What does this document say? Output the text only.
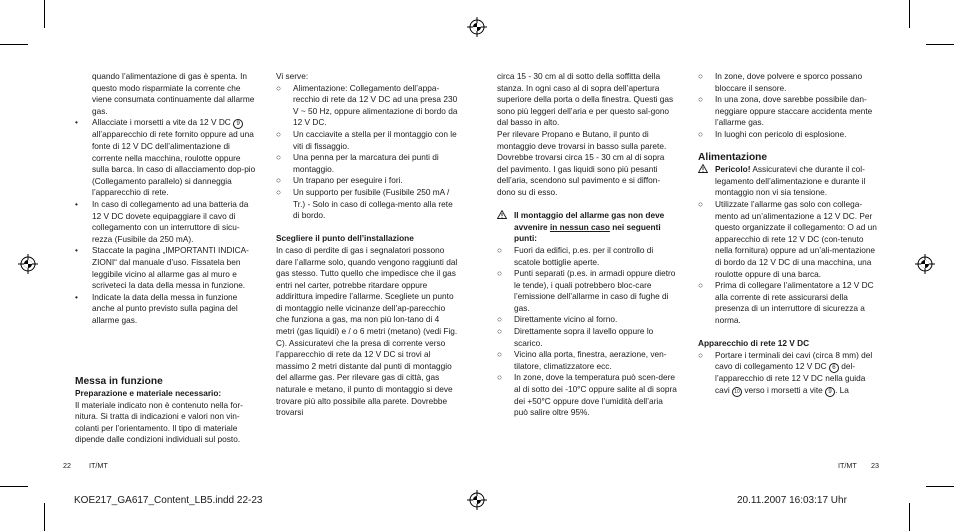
quando l’alimentazione di gas è spenta. In questo modo risparmiate la corrente che viene consumata continuamente dal allarme gas.

•	Allacciate i morsetti a vite da 12 V DC 9 all’apparecchio di rete fornito oppure ad una fonte di 12 V DC dell’alimentazione di corrente nella macchina, roulotte oppure sulla barca. In caso di allacciamento dop-pio (Collegamento parallelo) si danneggia l’apparecchio di rete.
•	In caso di collegamento ad una batteria da 12 V DC dovete equipaggiare il cavo di collegamento con un interruttore di sicu-rezza (Fusibile da 250 mA).
•	Staccate la pagina „IMPORTANTI INDICA-ZIONI“ dal manuale d’uso. Fissatela ben leggibile vicino al allarme gas al muro e scriveteci la data della messa in funzione.
•	Indicate la data della messa in funzione anche al punto previsto sulla pagina del allarme gas.

Messa in funzione

Preparazione e materiale necessario:

Il materiale indicato non è contenuto nella for-nitura. Si tratta di indicazioni e valori non vin-colanti per l’orientamento. Il tipo di materiale dipende dalle condizioni individuali sul posto.

Vi serve:

○	Alimentazione: Collegamento dell’appa-recchio di rete da 12 V DC ad una presa 230 V ~ 50 Hz, oppure alimentazione di bordo da 12 V DC.
○	Un cacciavite a stella per il montaggio con le viti di fissaggio.
○	Una penna per la marcatura dei punti di montaggio.
○	Un trapano per eseguire i fori.
○	Un supporto per fusibile (Fusibile 250 mA / Tr.) - Solo in caso di collega-mento alla rete di bordo.

Scegliere il punto dell’installazione

In caso di perdite di gas i segnalatori possono dare l’allarme solo, quando vengono raggiunti dal gas stesso. Tutto quello che impedisce che il gas entri nel carter, potrebbe ritardare oppure addirittura impedire l’allarme. Scegliete un punto di montaggio nelle vicinanze dell’ap-parecchio che funziona a gas, ma non più lon-tano di 4 metri (gas liquidi) e / o 6 metri (metano) (vedi Fig. C). Assicuratevi che la presa di corrente verso l’apparecchio di rete da 12 V DC si trovi al massimo 2 metri distante dal punti di montaggio del allarme gas. Per rilevare gas di città, gas naturale e metano, il punto di montaggio si deve trovare più alto possibile alla parete. Dovrebbe trovarsi

circa 15 - 30 cm al di sotto della soffitta della stanza. In ogni caso al di sopra dell’apertura superiore della porta o della finestra. Questi gas sono più leggeri dell’aria e per questo sal-gono dal basso in alto.

Per rilevare Propano e Butano, il punto di montaggio deve trovarsi in basso sulla parete. Dovrebbe trovarsi circa 15 - 30 cm al di sopra del pavimento. I gas liquidi sono più pesanti dell’aria, scendono sul pavimento e si diffon-dono su di esso.

Il montaggio del allarme gas non deve avvenire in nessun caso nei seguenti punti:
○	Fuori da edifici, p.es. per il controllo di scatole bottiglie aperte.
○	Punti separati (p.es. in armadi oppure dietro le tende), i quali potrebbero bloc-care l’emissione dell’allarme in caso di fughe di gas.
○	Direttamente vicino al forno.
○	Direttamente sopra il lavello oppure lo scarico.
○	Vicino alla porta, finestra, aerazione, ven-tilatore, climatizzatore ecc.
○	In zone, dove la temperatura può scen-dere al di sotto dei -10°C oppure salite al di sopra dei +50°C oppure dove l’umidità dell’aria può salire oltre 95%.
○	In zone, dove polvere e sporco possano bloccare il sensore.
○	In una zona, dove sarebbe possibile dan-neggiare oppure staccare accidenta mente l’allarme gas.
○	In luoghi con pericolo di esplosione.

Alimentazione

Pericolo! Assicuratevi che durante il col-legamento dell’alimentazione e durante il montaggio non vi sia tensione.
○	Utilizzate l’allarme gas solo con collega-mento ad un’alimentazione a 12 V DC. Per questo organizzate il collegamento: O ad un apparecchio di rete 12 V DC (con-tenuto nella fornitura) oppure ad un’ali-mentazione di bordo da 12 V DC di una macchina, una roulotte oppure di una barca.
○	Prima di collegare l’alimentatore a 12 V DC alla corrente di rete assicurarsi della presenza di un interruttore di sicurezza a norma.

Apparecchio di rete 12 V DC

○	Portare i terminali dei cavi (circa 8 mm) del cavo di collegamento 12 V DC 6 del-l’apparecchio di rete 12 V DC nella guida cavi 10 verso i morsetti a vite 9 . La
22	IT/MT	IT/MT 23
KOE217_GA617_Content_LB5.indd 22-23	20.11.2007 16:03:17 Uhr
